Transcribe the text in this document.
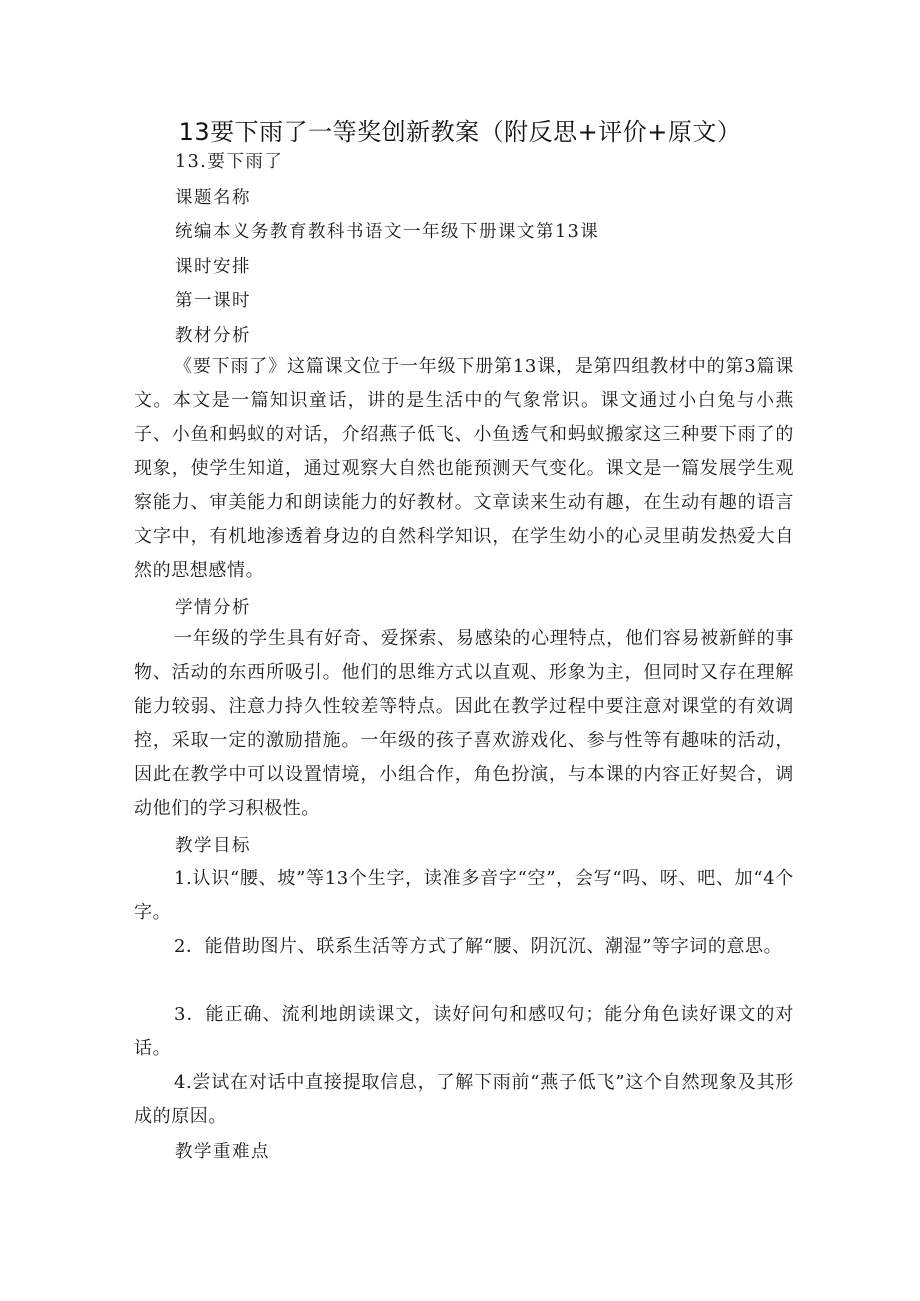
13要下雨了一等奖创新教案（附反思+评价+原文）
13.要下雨了
课题名称
统编本义务教育教科书语文一年级下册课文第13课
课时安排
第一课时
教材分析

《要下雨了》这篇课文位于一年级下册第13课，是第四组教材中的第3篇课文。本文是一篇知识童话，讲的是生活中的气象常识。课文通过小白兔与小燕子、小鱼和蚂蚁的对话，介绍燕子低飞、小鱼透气和蚂蚁搬家这三种要下雨了的现象，使学生知道，通过观察大自然也能预测天气变化。课文是一篇发展学生观察能力、审美能力和朗读能力的好教材。文章读来生动有趣，在生动有趣的语言文字中，有机地渗透着身边的自然科学知识，在学生幼小的心灵里萌发热爱大自然的思想感情。

学情分析

一年级的学生具有好奇、爱探索、易感染的心理特点，他们容易被新鲜的事物、活动的东西所吸引。他们的思维方式以直观、形象为主，但同时又存在理解能力较弱、注意力持久性较差等特点。因此在教学过程中要注意对课堂的有效调控，采取一定的激励措施。一年级的孩子喜欢游戏化、参与性等有趣味的活动，因此在教学中可以设置情境，小组合作，角色扮演，与本课的内容正好契合，调动他们的学习积极性。

教学目标

1.认识“腰、坡”等13个生字，读准多音字“空”，会写“吗、呀、吧、加“4个字。

2．能借助图片、联系生活等方式了解“腰、阴沉沉、潮湿”等字词的意思。

3．能正确、流利地朗读课文，读好问句和感叹句；能分角色读好课文的对话。

4.尝试在对话中直接提取信息，了解下雨前“燕子低飞”这个自然现象及其形成的原因。

教学重难点
